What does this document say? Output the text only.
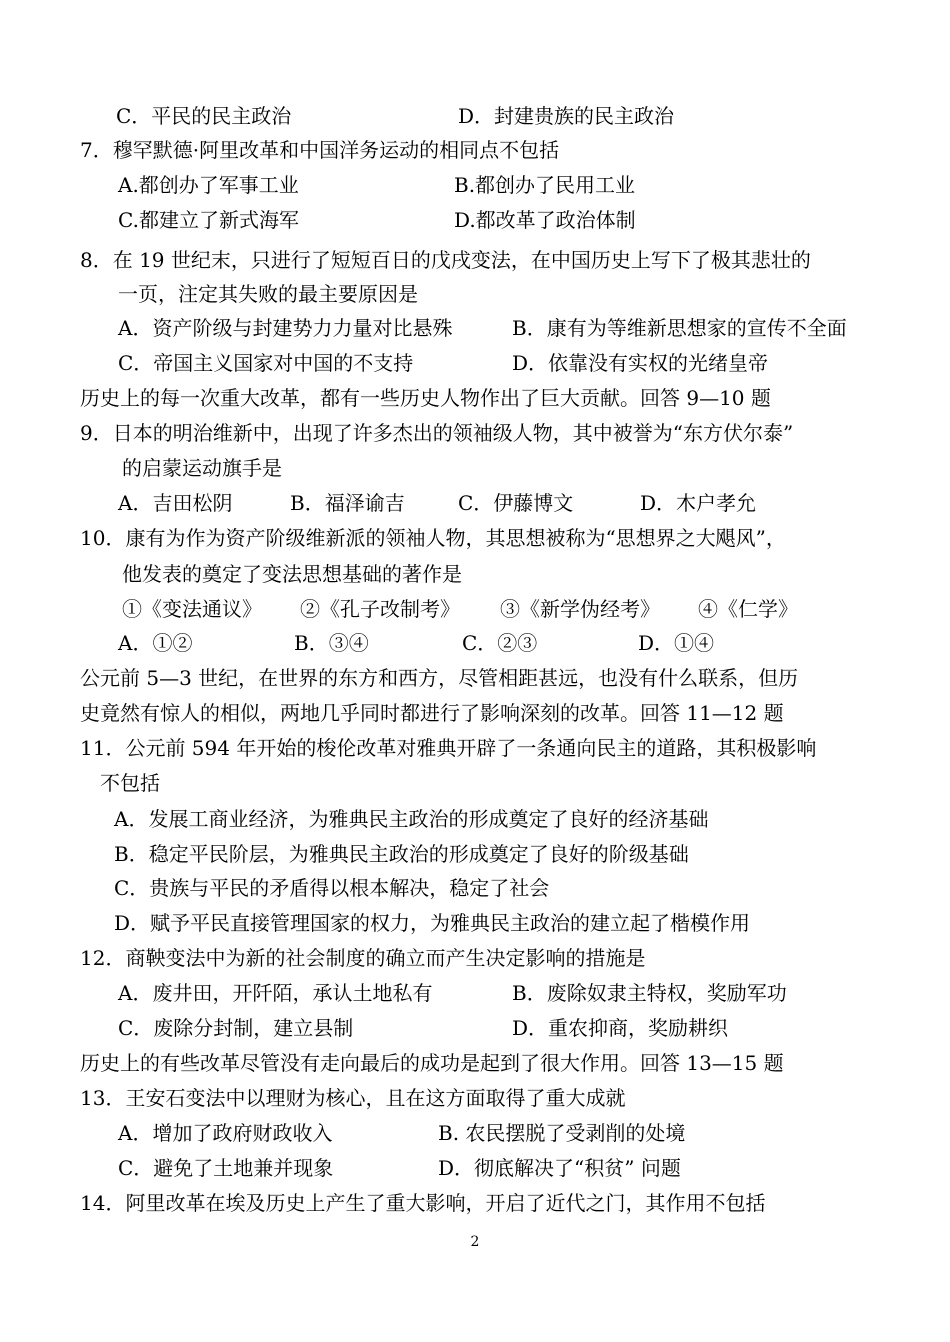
C．平民的民主政治	D．封建贵族的民主政治
7．穆罕默德·阿里改革和中国洋务运动的相同点不包括
A.都创办了军事工业	B.都创办了民用工业
C.都建立了新式海军	D.都改革了政治体制
8．在 19 世纪末，只进行了短短百日的戊戌变法，在中国历史上写下了极其悲壮的
一页，注定其失败的最主要原因是
A．资产阶级与封建势力力量对比悬殊	B．康有为等维新思想家的宣传不全面
C．帝国主义国家对中国的不支持	D．依靠没有实权的光绪皇帝
历史上的每一次重大改革，都有一些历史人物作出了巨大贡献。回答 9—10 题
9．日本的明治维新中，出现了许多杰出的领袖级人物，其中被誉为“东方伏尔泰”
的启蒙运动旗手是
A．吉田松阴	B．福泽谕吉	C．伊藤博文	D．木户孝允
10．康有为作为资产阶级维新派的领袖人物，其思想被称为“思想界之大飓风”，
他发表的奠定了变法思想基础的著作是
①《变法通议》 ②《孔子改制考》 ③《新学伪经考》 ④《仁学》
A．①②	B．③④	C．②③	D．①④
公元前 5—3 世纪，在世界的东方和西方，尽管相距甚远，也没有什么联系，但历
史竟然有惊人的相似，两地几乎同时都进行了影响深刻的改革。回答 11—12 题
11．公元前 594 年开始的梭伦改革对雅典开辟了一条通向民主的道路，其积极影响
不包括
A．发展工商业经济，为雅典民主政治的形成奠定了良好的经济基础
B．稳定平民阶层，为雅典民主政治的形成奠定了良好的阶级基础
C．贵族与平民的矛盾得以根本解决，稳定了社会
D．赋予平民直接管理国家的权力，为雅典民主政治的建立起了楷模作用
12．商鞅变法中为新的社会制度的确立而产生决定影响的措施是
A．废井田，开阡陌，承认土地私有	B．废除奴隶主特权，奖励军功
C．废除分封制，建立县制	D．重农抑商，奖励耕织
历史上的有些改革尽管没有走向最后的成功是起到了很大作用。回答 13—15 题
13．王安石变法中以理财为核心，且在这方面取得了重大成就
A．增加了政府财政收入	B. 农民摆脱了受剥削的处境
C．避免了土地兼并现象	D．彻底解决了“积贫” 问题
14．阿里改革在埃及历史上产生了重大影响，开启了近代之门，其作用不包括
2
